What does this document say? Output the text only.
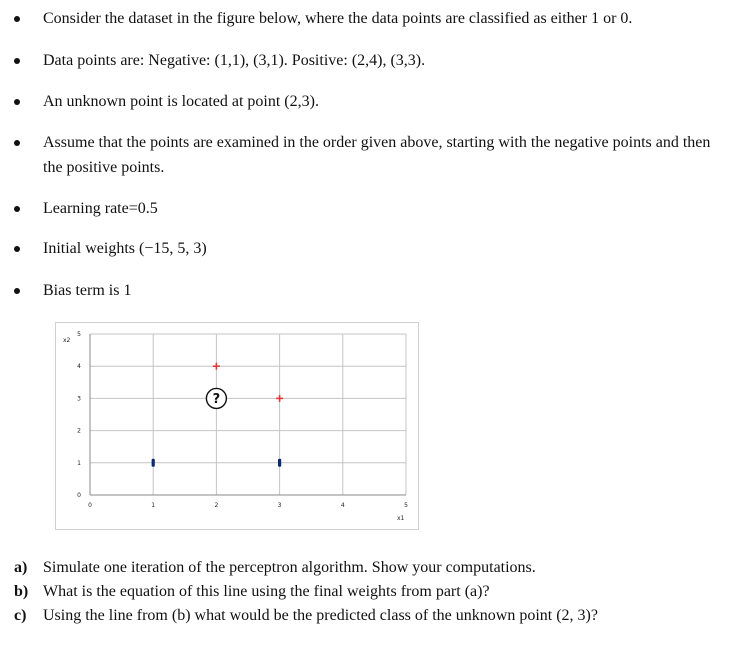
Consider the dataset in the figure below, where the data points are classified as either 1 or 0.
Data points are: Negative: (1,1), (3,1). Positive: (2,4), (3,3).
An unknown point is located at point (2,3).
Assume that the points are examined in the order given above, starting with the negative points and then the positive points.
Learning rate=0.5
Initial weights (−15, 5, 3)
Bias term is 1
0	1	2	3	4	5
0
1
2
3
4
5
x2
x1
?
a) Simulate one iteration of the perceptron algorithm. Show your computations.
b) What is the equation of this line using the final weights from part (a)?
c) Using the line from (b) what would be the predicted class of the unknown point (2, 3)?
